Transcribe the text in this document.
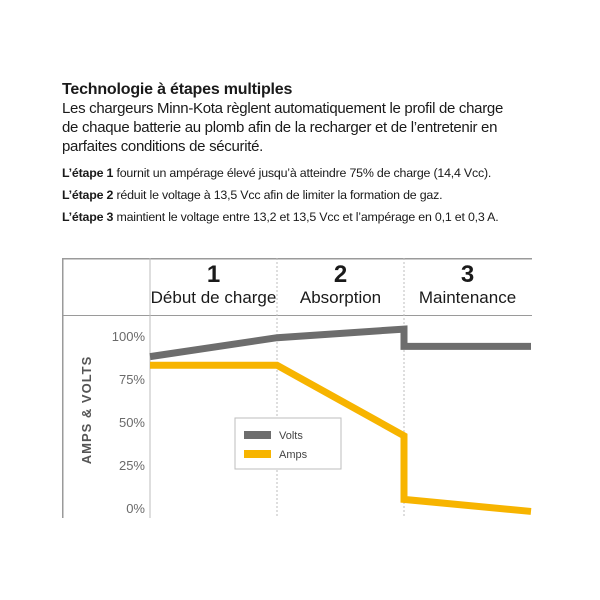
Technologie à étapes multiples
Les chargeurs Minn-Kota règlent automatiquement le profil de charge
de chaque batterie au plomb afin de la recharger et de l’entretenir en
parfaites conditions de sécurité.
L’étape 1 fournit un ampérage élevé jusqu’à atteindre 75% de charge (14,4 Vcc).
L’étape 2 réduit le voltage à 13,5 Vcc afin de limiter la formation de gaz.
L’étape 3 maintient le voltage entre 13,2 et 13,5 Vcc et l’ampérage en 0,1 et 0,3 A.
1
Début de charge
2
Absorption
3
Maintenance
100%
75%
50%
25%
0%
AMPS & VOLTS	Volts
Amps
